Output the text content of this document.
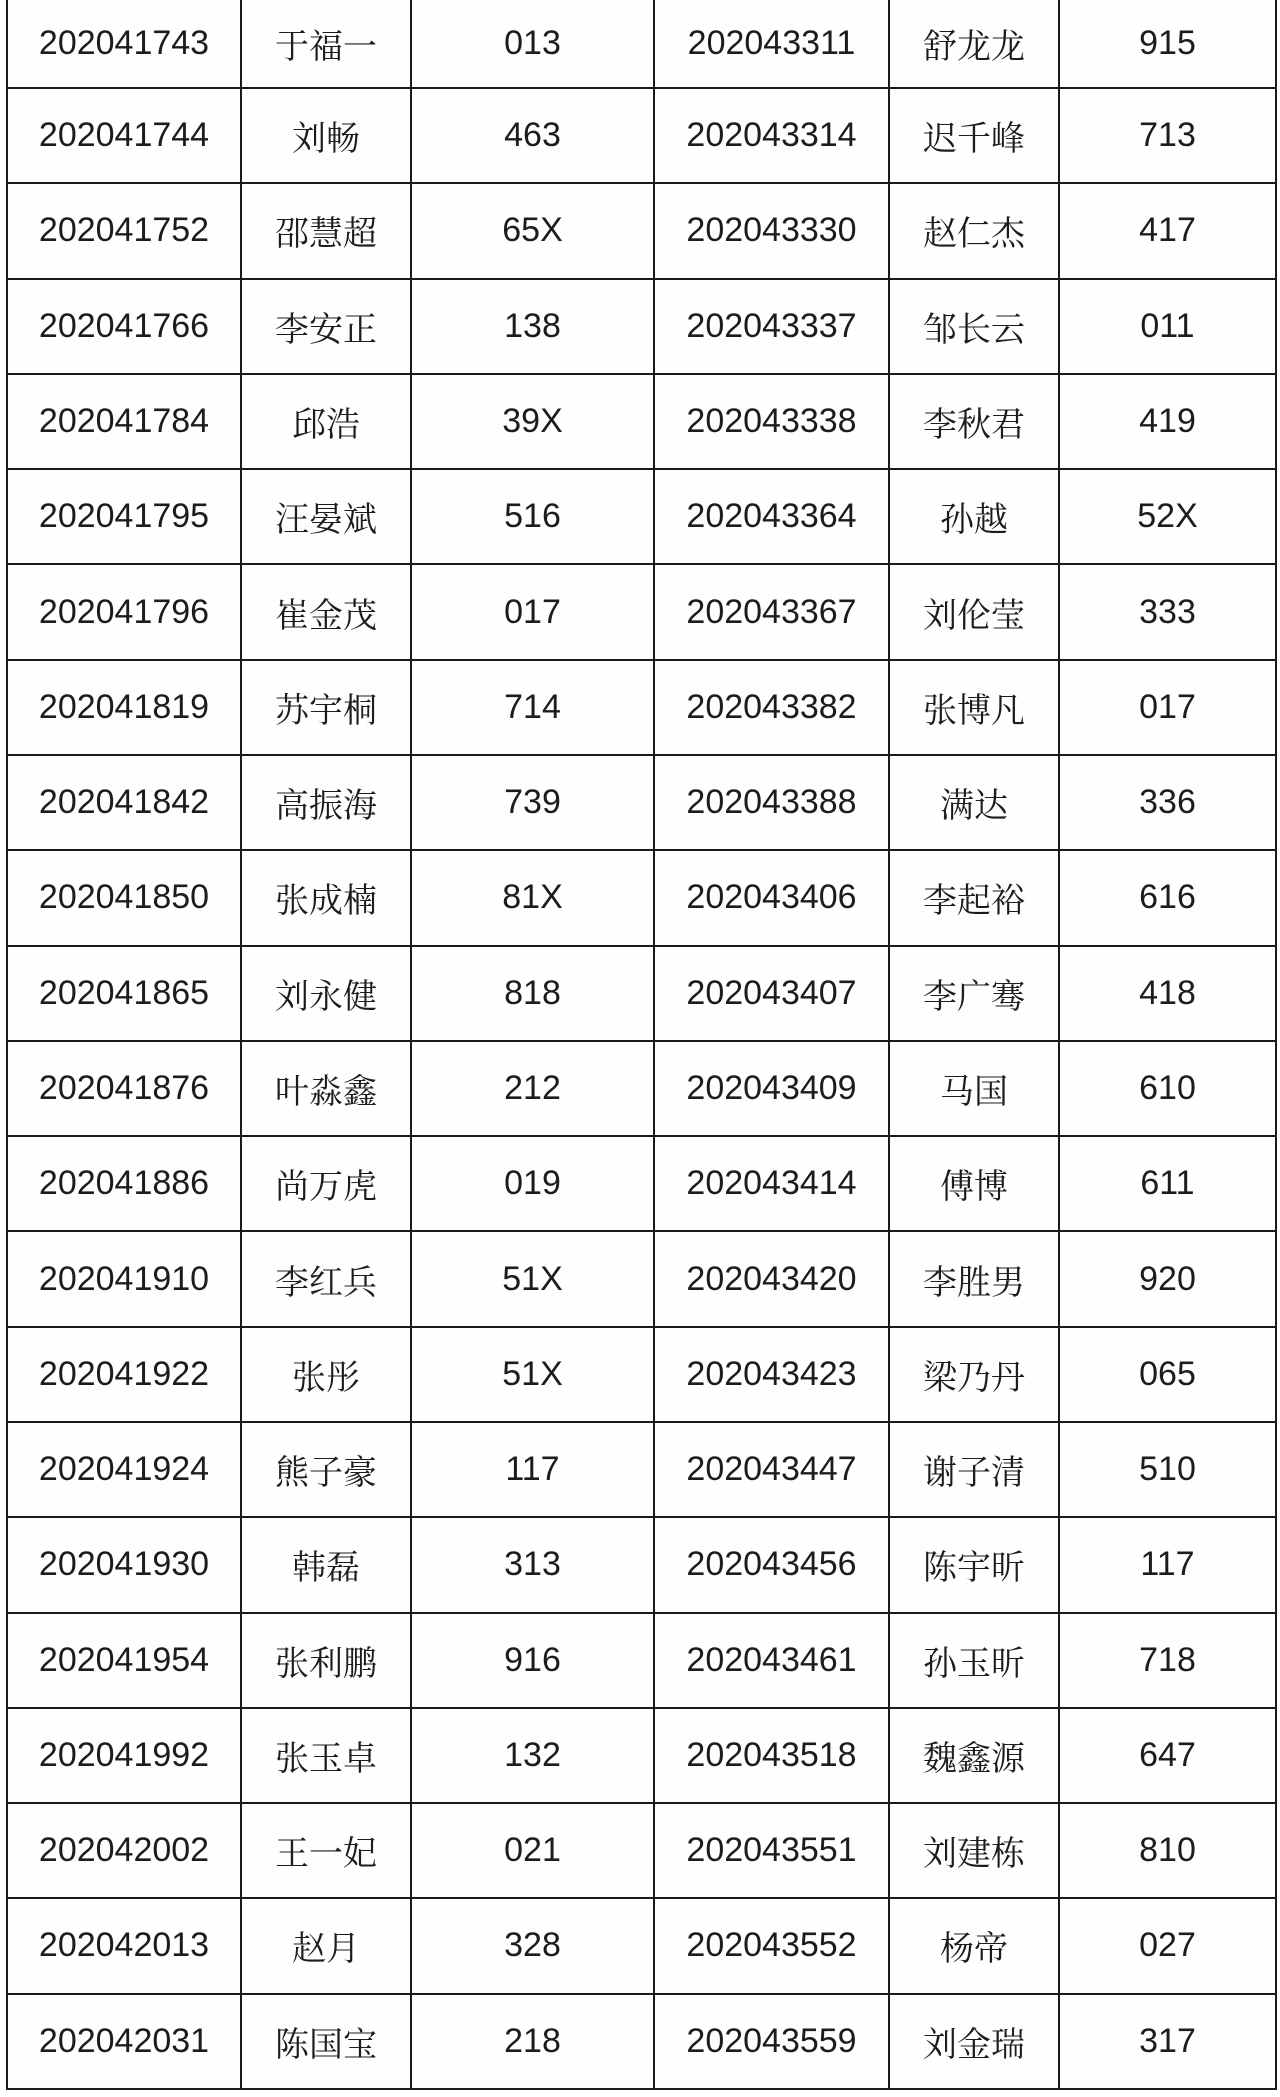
202041743	于福一	013	202043311	舒龙龙	915
202041744	刘畅	463	202043314	迟千峰	713
202041752	邵慧超	65X	202043330	赵仁杰	417
202041766	李安正	138	202043337	邹长云	011
202041784	邱浩	39X	202043338	李秋君	419
202041795	汪晏斌	516	202043364	孙越	52X
202041796	崔金茂	017	202043367	刘伦莹	333
202041819	苏宇桐	714	202043382	张博凡	017
202041842	高振海	739	202043388	满达	336
202041850	张成楠	81X	202043406	李起裕	616
202041865	刘永健	818	202043407	李广骞	418
202041876	叶淼鑫	212	202043409	马国	610
202041886	尚万虎	019	202043414	傅博	611
202041910	李红兵	51X	202043420	李胜男	920
202041922	张彤	51X	202043423	梁乃丹	065
202041924	熊子豪	117	202043447	谢子清	510
202041930	韩磊	313	202043456	陈宇昕	117
202041954	张利鹏	916	202043461	孙玉昕	718
202041992	张玉卓	132	202043518	魏鑫源	647
202042002	王一妃	021	202043551	刘建栋	810
202042013	赵月	328	202043552	杨帝	027
202042031	陈国宝	218	202043559	刘金瑞	317
